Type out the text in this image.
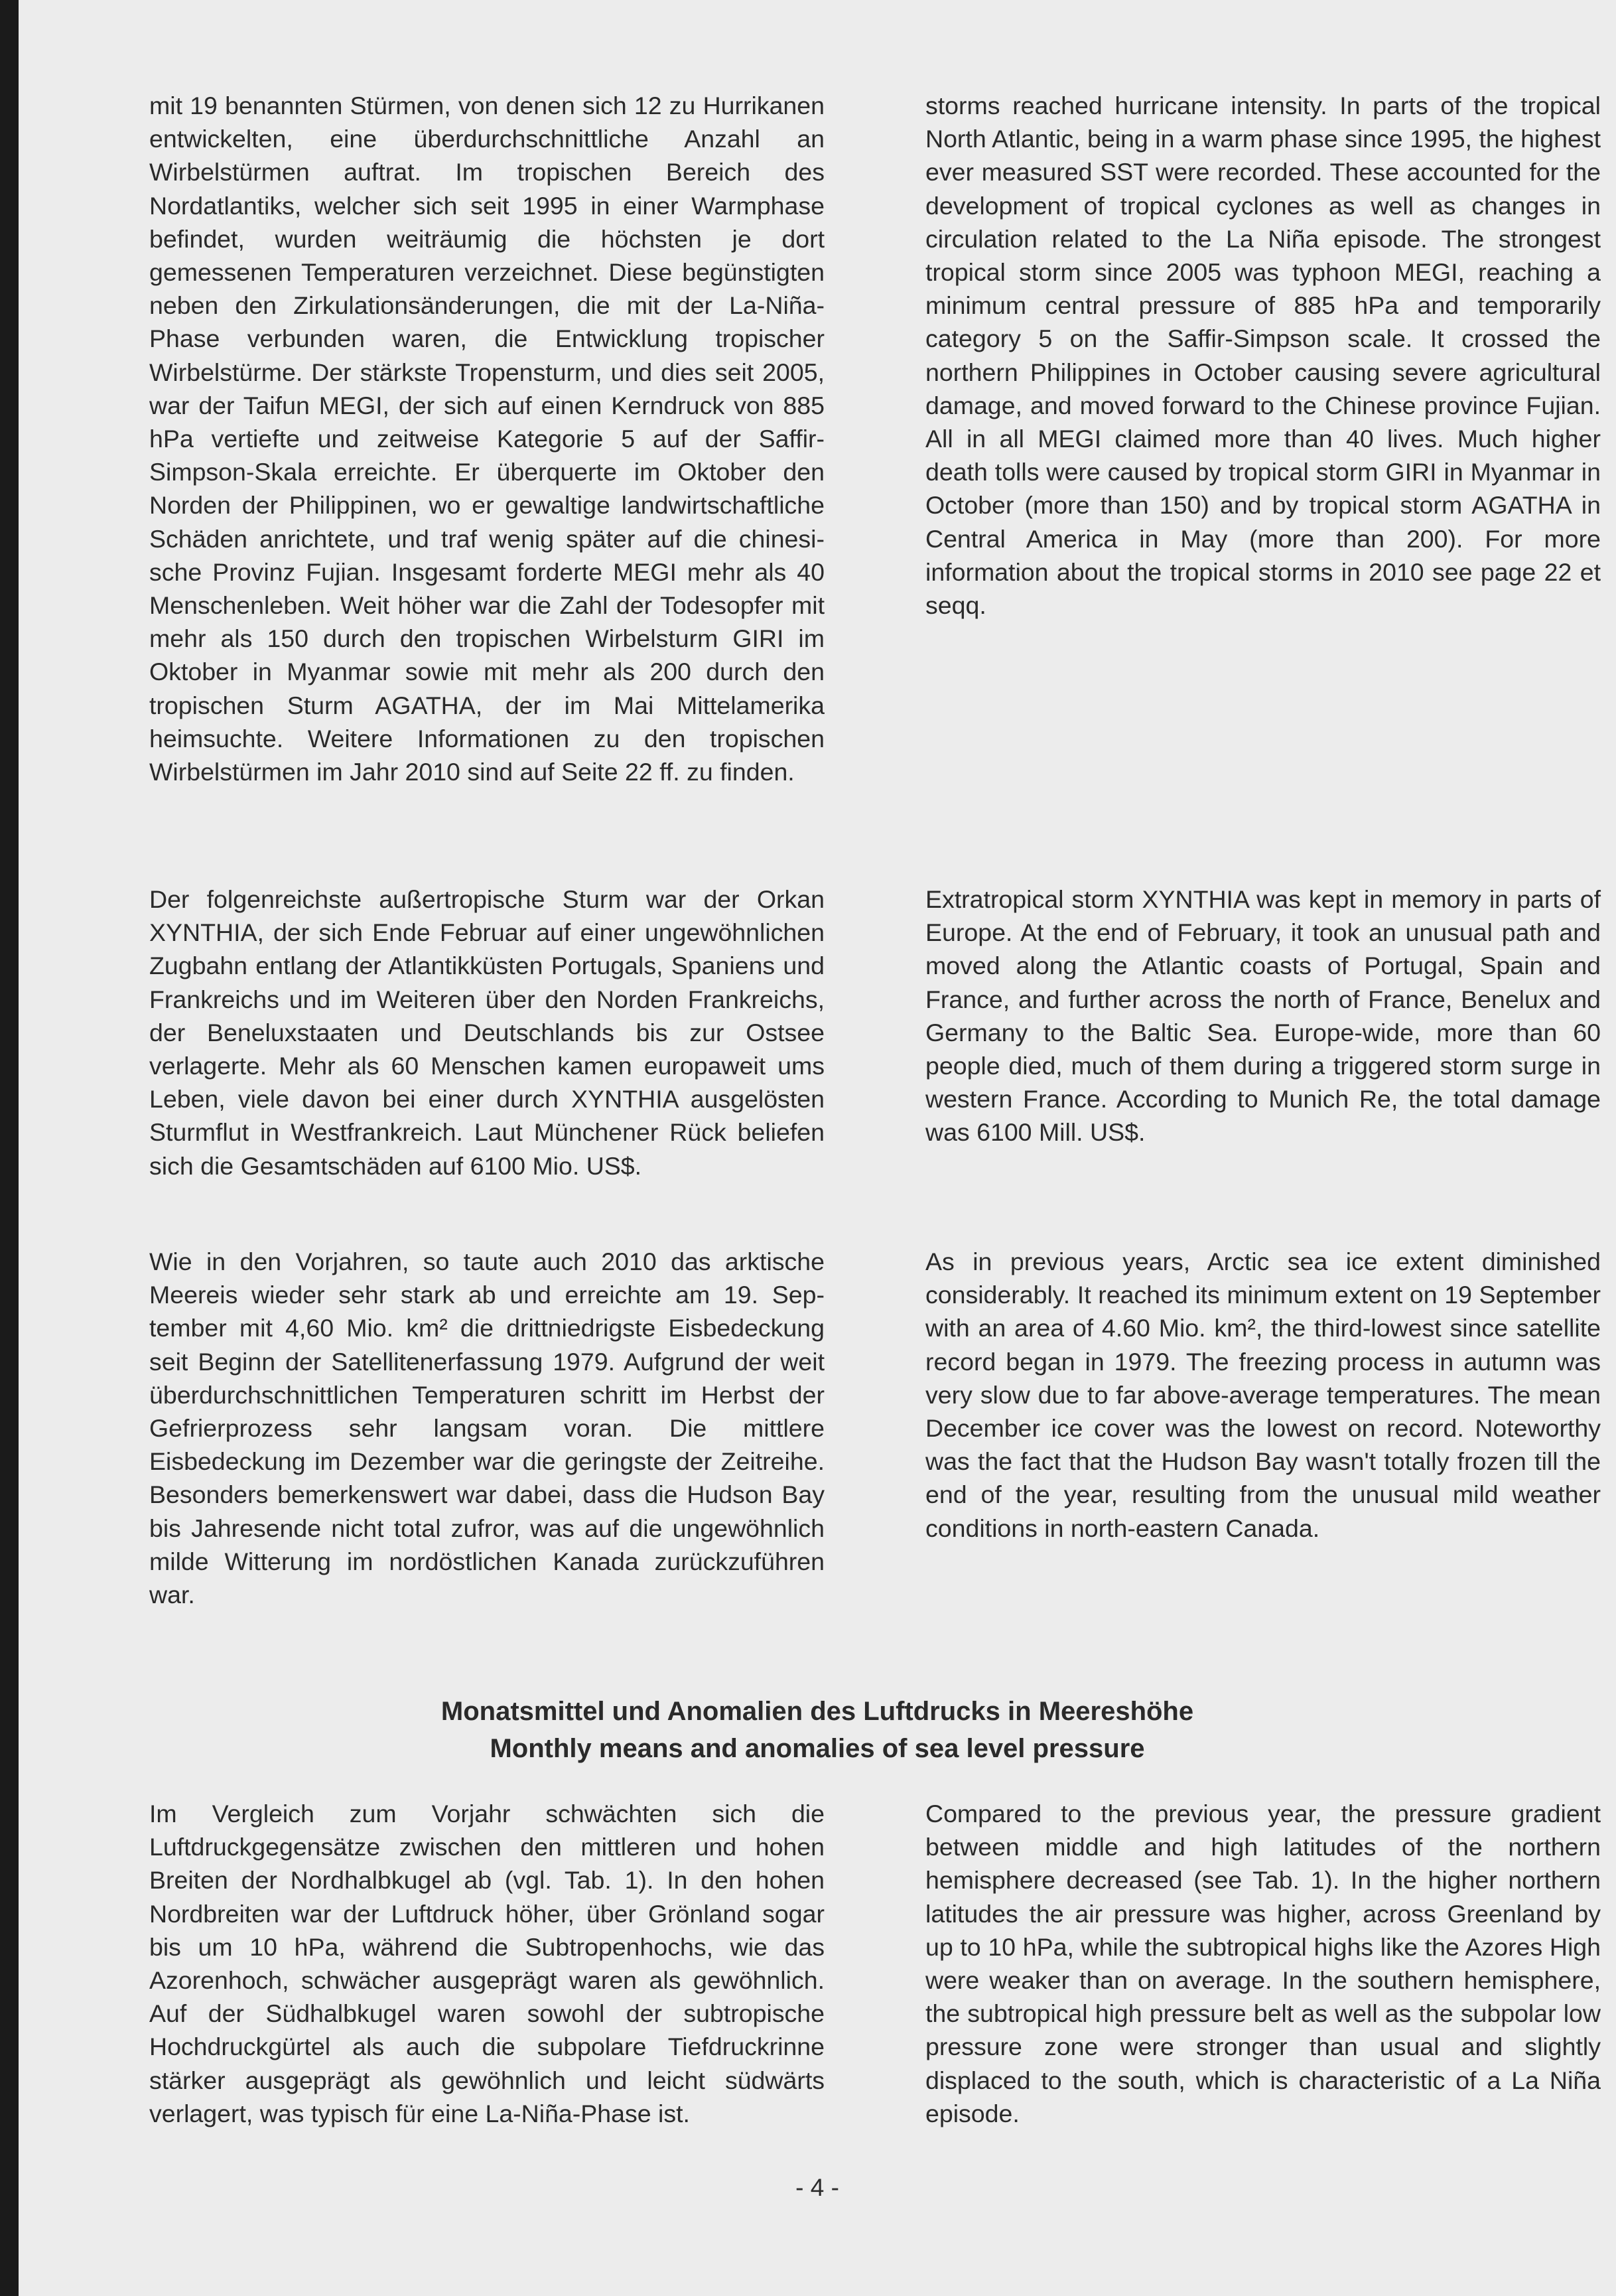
mit 19 benannten Stürmen, von denen sich 12 zu Hurrikanen entwickelten, eine überdurchschnittliche Anzahl an Wirbelstürmen auftrat. Im tropischen Bereich des Nordatlantiks, welcher sich seit 1995 in einer Warmphase befindet, wurden weiträumig die höchsten je dort gemessenen Temperaturen verzeichnet. Diese begünstigten neben den Zirkulationsänderungen, die mit der La-Niña-Phase verbunden waren, die Entwicklung tropischer Wirbelstürme. Der stärkste Tropensturm, und dies seit 2005, war der Taifun MEGI, der sich auf einen Kerndruck von 885 hPa vertiefte und zeitweise Kategorie 5 auf der Saffir-Simpson-Skala erreichte. Er überquerte im Oktober den Norden der Philippinen, wo er gewaltige landwirtschaftliche Schäden anrichtete, und traf wenig später auf die chinesische Provinz Fujian. Insgesamt forderte MEGI mehr als 40 Menschenleben. Weit höher war die Zahl der Todesopfer mit mehr als 150 durch den tropischen Wirbelsturm GIRI im Oktober in Myanmar sowie mit mehr als 200 durch den tropischen Sturm AGATHA, der im Mai Mittelamerika heimsuchte. Weitere Informationen zu den tropischen Wirbelstürmen im Jahr 2010 sind auf Seite 22 ff. zu finden.

storms reached hurricane intensity. In parts of the tropical North Atlantic, being in a warm phase since 1995, the highest ever measured SST were recorded. These accounted for the development of tropical cyclones as well as changes in circulation related to the La Niña episode. The strongest tropical storm since 2005 was typhoon MEGI, reaching a minimum central pressure of 885 hPa and temporarily category 5 on the Saffir-Simpson scale. It crossed the northern Philippines in October causing severe agricultural damage, and moved forward to the Chinese province Fujian. All in all MEGI claimed more than 40 lives. Much higher death tolls were caused by tropical storm GIRI in Myanmar in October (more than 150) and by tropical storm AGATHA in Central America in May (more than 200). For more information about the tropical storms in 2010 see page 22 et seqq.

Der folgenreichste außertropische Sturm war der Orkan XYNTHIA, der sich Ende Februar auf einer ungewöhnlichen Zugbahn entlang der Atlantikküsten Portugals, Spaniens und Frankreichs und im Weiteren über den Norden Frankreichs, der Beneluxstaaten und Deutschlands bis zur Ostsee verlagerte. Mehr als 60 Menschen kamen europaweit ums Leben, viele davon bei einer durch XYNTHIA ausgelösten Sturmflut in Westfrankreich. Laut Münchener Rück beliefen sich die Gesamtschäden auf 6100 Mio. US$.

Extratropical storm XYNTHIA was kept in memory in parts of Europe. At the end of February, it took an unusual path and moved along the Atlantic coasts of Portugal, Spain and France, and further across the north of France, Benelux and Germany to the Baltic Sea. Europe-wide, more than 60 people died, much of them during a triggered storm surge in western France. According to Munich Re, the total damage was 6100 Mill. US$.

Wie in den Vorjahren, so taute auch 2010 das arktische Meereis wieder sehr stark ab und erreichte am 19. September mit 4,60 Mio. km² die drittniedrigste Eisbedeckung seit Beginn der Satellitenerfassung 1979. Aufgrund der weit überdurchschnittlichen Temperaturen schritt im Herbst der Gefrierprozess sehr langsam voran. Die mittlere Eisbedeckung im Dezember war die geringste der Zeitreihe. Besonders bemerkenswert war dabei, dass die Hudson Bay bis Jahresende nicht total zufror, was auf die ungewöhnlich milde Witterung im nordöstlichen Kanada zurückzuführen war.

As in previous years, Arctic sea ice extent diminished considerably. It reached its minimum extent on 19 September with an area of 4.60 Mio. km², the third-lowest since satellite record began in 1979. The freezing process in autumn was very slow due to far above-average temperatures. The mean December ice cover was the lowest on record. Noteworthy was the fact that the Hudson Bay wasn't totally frozen till the end of the year, resulting from the unusual mild weather conditions in north-eastern Canada.

Monatsmittel und Anomalien des Luftdrucks in Meereshöhe
Monthly means and anomalies of sea level pressure

Im Vergleich zum Vorjahr schwächten sich die Luftdruckgegensätze zwischen den mittleren und hohen Breiten der Nordhalbkugel ab (vgl. Tab. 1). In den hohen Nordbreiten war der Luftdruck höher, über Grönland sogar bis um 10 hPa, während die Subtropenhochs, wie das Azorenhoch, schwächer ausgeprägt waren als gewöhnlich. Auf der Südhalbkugel waren sowohl der subtropische Hochdruckgürtel als auch die subpolare Tiefdruckrinne stärker ausgeprägt als gewöhnlich und leicht südwärts verlagert, was typisch für eine La-Niña-Phase ist.

Compared to the previous year, the pressure gradient between middle and high latitudes of the northern hemisphere decreased (see Tab. 1). In the higher northern latitudes the air pressure was higher, across Greenland by up to 10 hPa, while the subtropical highs like the Azores High were weaker than on average. In the southern hemisphere, the subtropical high pressure belt as well as the subpolar low pressure zone were stronger than usual and slightly displaced to the south, which is characteristic of a La Niña episode.

- 4 -
